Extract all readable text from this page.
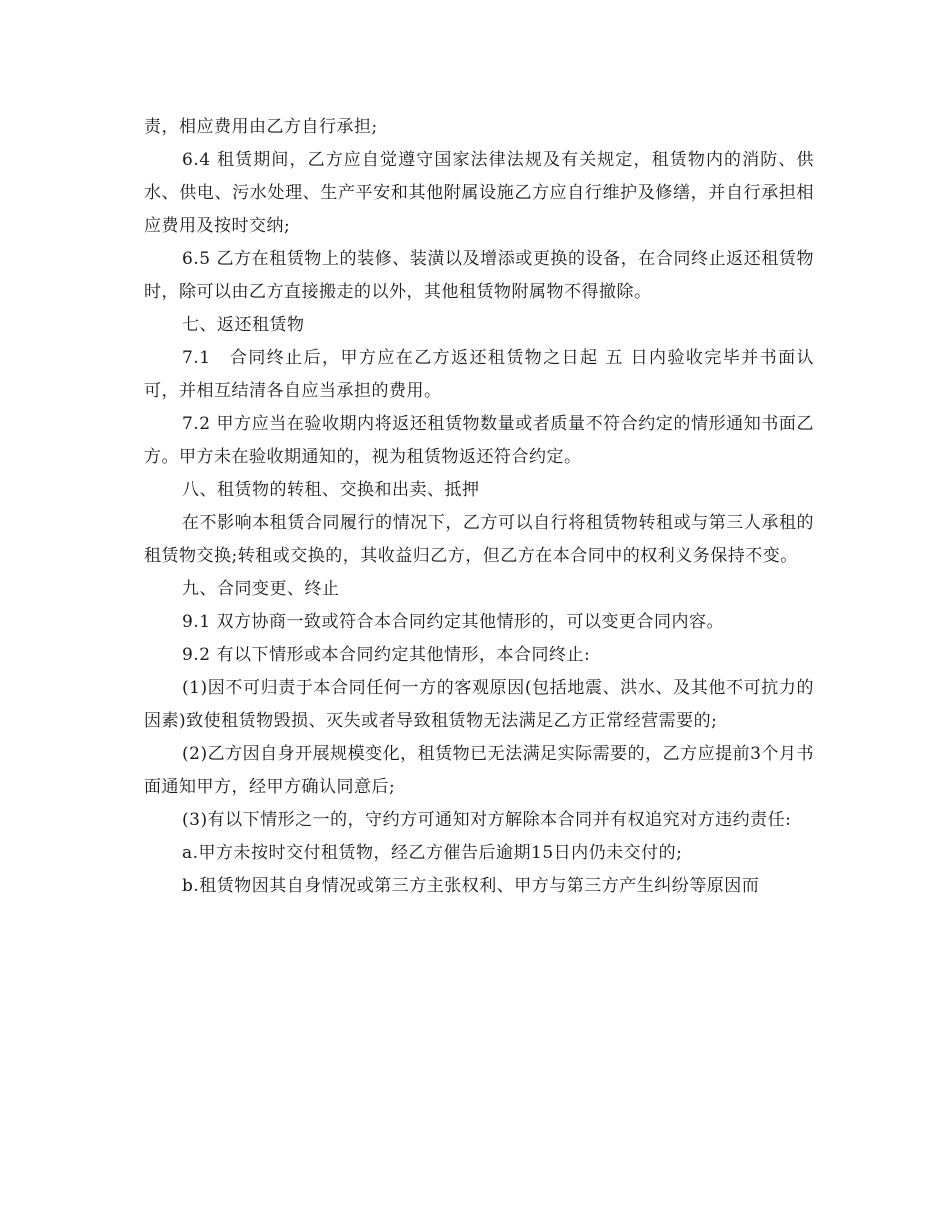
责，相应费用由乙方自行承担;

6.4 租赁期间，乙方应自觉遵守国家法律法规及有关规定，租赁物内的消防、供水、供电、污水处理、生产平安和其他附属设施乙方应自行维护及修缮，并自行承担相应费用及按时交纳;

6.5 乙方在租赁物上的装修、装潢以及增添或更换的设备，在合同终止返还租赁物时，除可以由乙方直接搬走的以外，其他租赁物附属物不得撤除。

七、返还租赁物

7.1　合同终止后，甲方应在乙方返还租赁物之日起 五 日内验收完毕并书面认可，并相互结清各自应当承担的费用。

7.2 甲方应当在验收期内将返还租赁物数量或者质量不符合约定的情形通知书面乙方。甲方未在验收期通知的，视为租赁物返还符合约定。

八、租赁物的转租、交换和出卖、抵押

在不影响本租赁合同履行的情况下，乙方可以自行将租赁物转租或与第三人承租的租赁物交换;转租或交换的，其收益归乙方，但乙方在本合同中的权利义务保持不变。

九、合同变更、终止

9.1 双方协商一致或符合本合同约定其他情形的，可以变更合同内容。

9.2 有以下情形或本合同约定其他情形，本合同终止:

(1)因不可归责于本合同任何一方的客观原因(包括地震、洪水、及其他不可抗力的因素)致使租赁物毁损、灭失或者导致租赁物无法满足乙方正常经营需要的;

(2)乙方因自身开展规模变化，租赁物已无法满足实际需要的，乙方应提前3个月书面通知甲方，经甲方确认同意后;

(3)有以下情形之一的，守约方可通知对方解除本合同并有权追究对方违约责任:

a.甲方未按时交付租赁物，经乙方催告后逾期15日内仍未交付的;

b.租赁物因其自身情况或第三方主张权利、甲方与第三方产生纠纷等原因而
